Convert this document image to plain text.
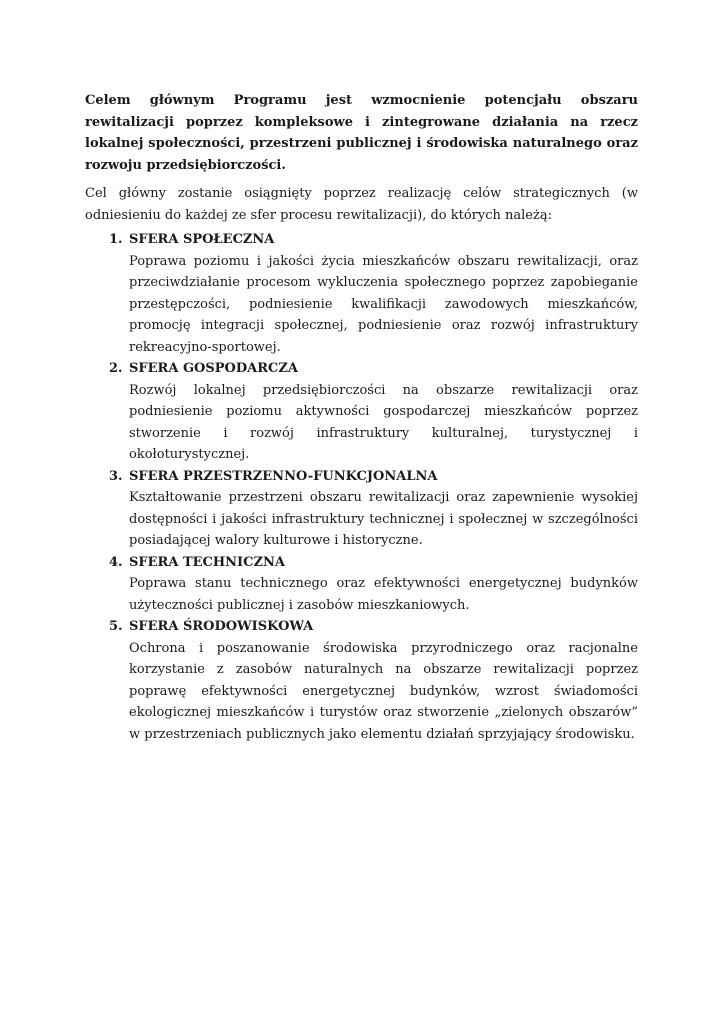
Celem głównym Programu jest wzmocnienie potencjału obszaru rewitalizacji poprzez kompleksowe i zintegrowane działania na rzecz lokalnej społeczności, przestrzeni publicznej i środowiska naturalnego oraz rozwoju przedsiębiorczości.

Cel główny zostanie osiągnięty poprzez realizację celów strategicznych (w odniesieniu do każdej ze sfer procesu rewitalizacji), do których należą:

1. SFERA SPOŁECZNA
Poprawa poziomu i jakości życia mieszkańców obszaru rewitalizacji, oraz przeciwdziałanie procesom wykluczenia społecznego poprzez zapobieganie przestępczości, podniesienie kwalifikacji zawodowych mieszkańców, promocję integracji społecznej, podniesienie oraz rozwój infrastruktury rekreacyjno-sportowej.
2. SFERA GOSPODARCZA
Rozwój lokalnej przedsiębiorczości na obszarze rewitalizacji oraz podniesienie poziomu aktywności gospodarczej mieszkańców poprzez stworzenie i rozwój infrastruktury kulturalnej, turystycznej i okołoturystycznej.
3. SFERA PRZESTRZENNO-FUNKCJONALNA
Kształtowanie przestrzeni obszaru rewitalizacji oraz zapewnienie wysokiej dostępności i jakości infrastruktury technicznej i społecznej w szczególności posiadającej walory kulturowe i historyczne.
4. SFERA TECHNICZNA
Poprawa stanu technicznego oraz efektywności energetycznej budynków użyteczności publicznej i zasobów mieszkaniowych.
5. SFERA ŚRODOWISKOWA
Ochrona i poszanowanie środowiska przyrodniczego oraz racjonalne korzystanie z zasobów naturalnych na obszarze rewitalizacji poprzez poprawę efektywności energetycznej budynków, wzrost świadomości ekologicznej mieszkańców i turystów oraz stworzenie „zielonych obszarów” w przestrzeniach publicznych jako elementu działań sprzyjający środowisku.
